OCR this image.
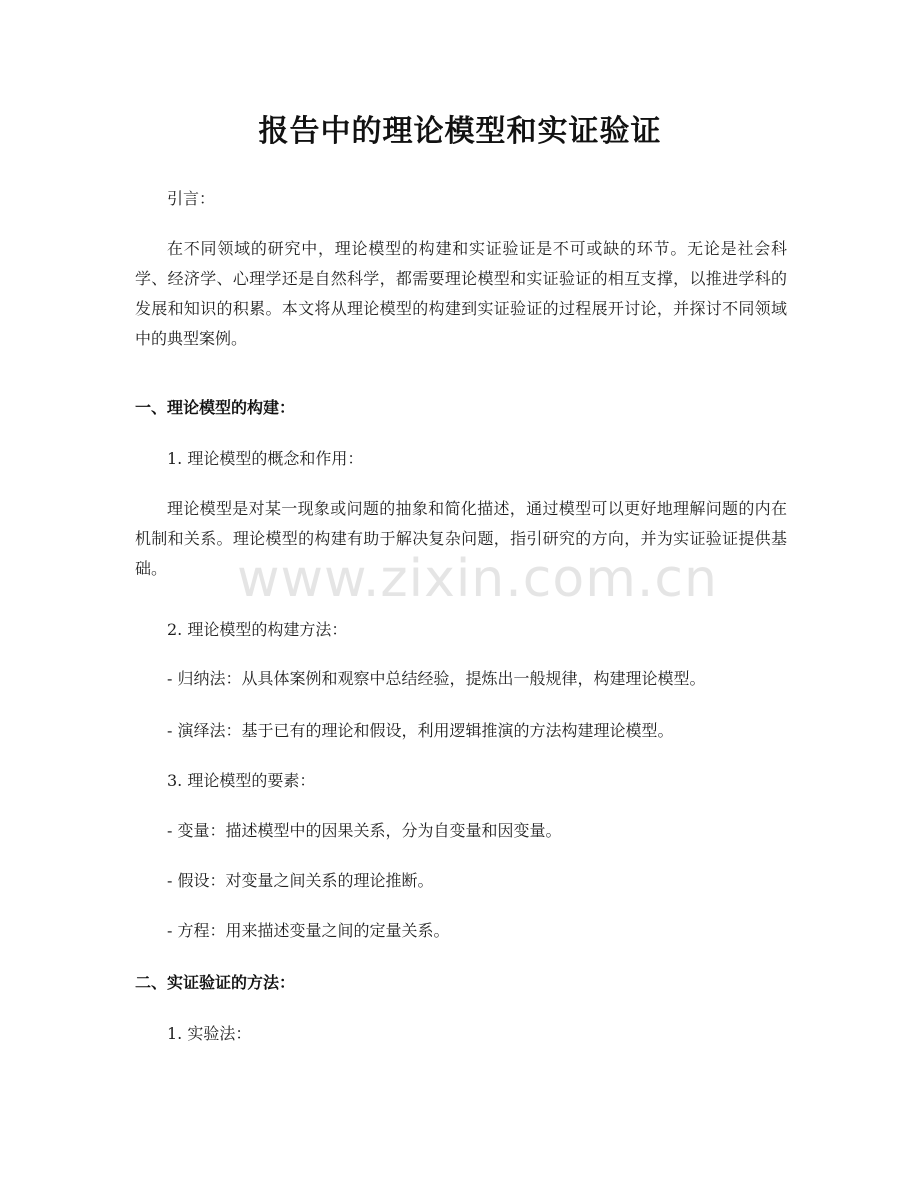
报告中的理论模型和实证验证

引言：

在不同领域的研究中，理论模型的构建和实证验证是不可或缺的环节。无论是社会科学、经济学、心理学还是自然科学，都需要理论模型和实证验证的相互支撑，以推进学科的发展和知识的积累。本文将从理论模型的构建到实证验证的过程展开讨论，并探讨不同领域中的典型案例。

一、理论模型的构建：

1. 理论模型的概念和作用：

理论模型是对某一现象或问题的抽象和简化描述，通过模型可以更好地理解问题的内在机制和关系。理论模型的构建有助于解决复杂问题，指引研究的方向，并为实证验证提供基础。

2. 理论模型的构建方法：

- 归纳法：从具体案例和观察中总结经验，提炼出一般规律，构建理论模型。

- 演绎法：基于已有的理论和假设，利用逻辑推演的方法构建理论模型。

3. 理论模型的要素：

- 变量：描述模型中的因果关系，分为自变量和因变量。

- 假设：对变量之间关系的理论推断。

- 方程：用来描述变量之间的定量关系。

二、实证验证的方法：

1. 实验法：

www.zixin.com.cn
